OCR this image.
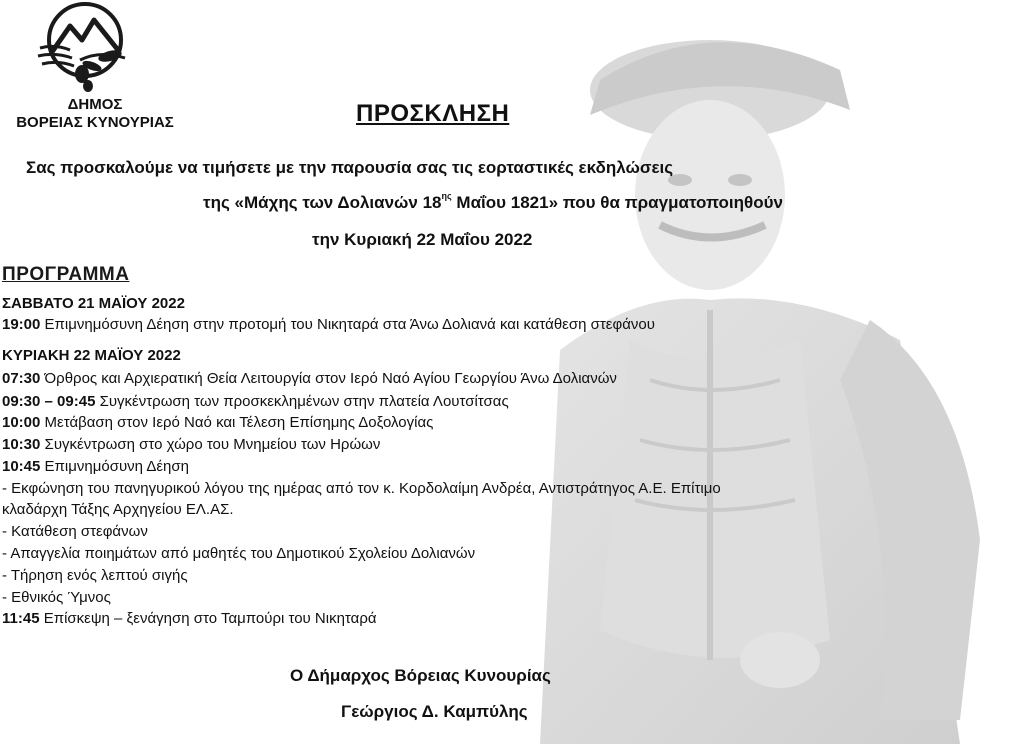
ΔΗΜΟΣ
ΒΟΡΕΙΑΣ ΚΥΝΟΥΡΙΑΣ	ΠΡΟΣΚΛΗΣΗ
Σας προσκαλούμε να τιμήσετε με την παρουσία σας τις εορταστικές εκδηλώσεις
της «Μάχης των Δολιανών $18^{\eta\varsigma}$ Μαΐου 1821» που θα πραγματοποιηθούν
την Κυριακή 22 Μαΐου 2022
ΠΡΟΓΡΑΜΜΑ
ΣΑΒΒΑΤΟ 21 ΜΑΪΟΥ 2022
19:00 Επιμνημόσυνη Δέηση στην προτομή του Νικηταρά στα Άνω Δολιανά και κατάθεση στεφάνου
ΚΥΡΙΑΚΗ 22 ΜΑΪΟΥ 2022
07:30 Όρθρος και Αρχιερατική Θεία Λειτουργία στον Ιερό Ναό Αγίου Γεωργίου Άνω Δολιανών
09:30 – 09:45 Συγκέντρωση των προσκεκλημένων στην πλατεία Λουτσίτσας
10:00 Μετάβαση στον Ιερό Ναό και Τέλεση Επίσημης Δοξολογίας
10:30 Συγκέντρωση στο χώρο του Μνημείου των Ηρώων
10:45 Επιμνημόσυνη Δέηση
- Εκφώνηση του πανηγυρικού λόγου της ημέρας από τον κ. Κορδολαίμη Ανδρέα, Αντιστράτηγος Α.Ε. Επίτιμο
κλαδάρχη Τάξης Αρχηγείου ΕΛ.ΑΣ.
- Κατάθεση στεφάνων
- Απαγγελία ποιημάτων από μαθητές του Δημοτικού Σχολείου Δολιανών
- Τήρηση ενός λεπτού σιγής
- Εθνικός Ύμνος
11:45 Επίσκεψη – ξενάγηση στο Ταμπούρι του Νικηταρά
Ο Δήμαρχος Βόρειας Κυνουρίας
Γεώργιος Δ. Καμπύλης
